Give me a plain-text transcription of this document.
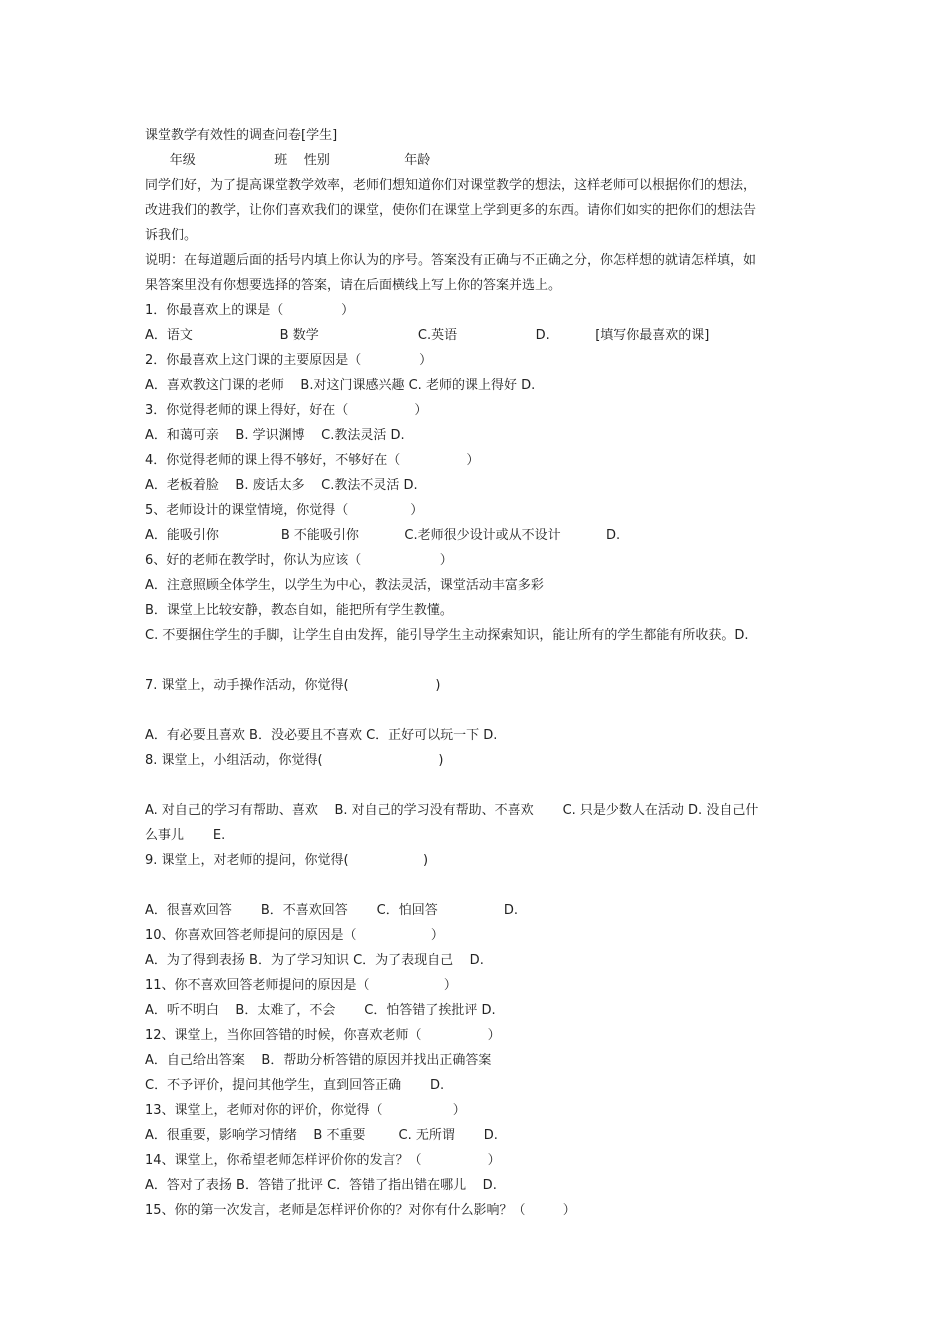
课堂教学有效性的调查问卷[学生]

年级                   班    性别                  年龄

同学们好，为了提高课堂教学效率，老师们想知道你们对课堂教学的想法，这样老师可以根据你们的想法，

改进我们的教学，让你们喜欢我们的课堂，使你们在课堂上学到更多的东西。请你们如实的把你们的想法告

诉我们。

说明：在每道题后面的括号内填上你认为的序号。答案没有正确与不正确之分，你怎样想的就请怎样填，如

果答案里没有你想要选择的答案，请在后面横线上写上你的答案并选上。

1．你最喜欢上的课是（              ）

A．语文                     B 数学                        C.英语                   D.           [填写你最喜欢的课]

2．你最喜欢上这门课的主要原因是（              ）

A．喜欢教这门课的老师    B.对这门课感兴趣 C. 老师的课上得好 D.

3．你觉得老师的课上得好，好在（                ）

A．和蔼可亲    B. 学识渊博    C.教法灵活 D.

4．你觉得老师的课上得不够好，不够好在（                ）

A．老板着脸    B. 废话太多    C.教法不灵活 D.

5、老师设计的课堂情境，你觉得（               ）

A．能吸引你               B 不能吸引你           C.老师很少设计或从不设计           D.

6、好的老师在教学时，你认为应该（                   ）

A．注意照顾全体学生，以学生为中心，教法灵活，课堂活动丰富多彩

B．课堂上比较安静，教态自如，能把所有学生教懂。

C. 不要捆住学生的手脚，让学生自由发挥，能引导学生主动探索知识，能让所有的学生都能有所收获。D.

7. 课堂上，动手操作活动，你觉得(                     )

A．有必要且喜欢 B．没必要且不喜欢 C．正好可以玩一下 D.

8. 课堂上，小组活动，你觉得(                            )

A. 对自己的学习有帮助、喜欢    B. 对自己的学习没有帮助、不喜欢       C. 只是少数人在活动 D. 没自己什

么事儿       E.

9. 课堂上，对老师的提问，你觉得(                  )

A．很喜欢回答       B．不喜欢回答       C．怕回答                D.

10、你喜欢回答老师提问的原因是（                  ）

A．为了得到表扬 B．为了学习知识 C．为了表现自己    D.

11、你不喜欢回答老师提问的原因是（                  ）

A．听不明白    B．太难了，不会       C．怕答错了挨批评 D.

12、课堂上，当你回答错的时候，你喜欢老师（                ）

A．自己给出答案    B．帮助分析答错的原因并找出正确答案

C．不予评价，提问其他学生，直到回答正确       D.

13、课堂上，老师对你的评价，你觉得（                 ）

A．很重要，影响学习情绪    B 不重要        C. 无所谓       D.

14、课堂上，你希望老师怎样评价你的发言？（                ）

A．答对了表扬 B．答错了批评 C．答错了指出错在哪儿    D.

15、你的第一次发言，老师是怎样评价你的？对你有什么影响？（         ）
